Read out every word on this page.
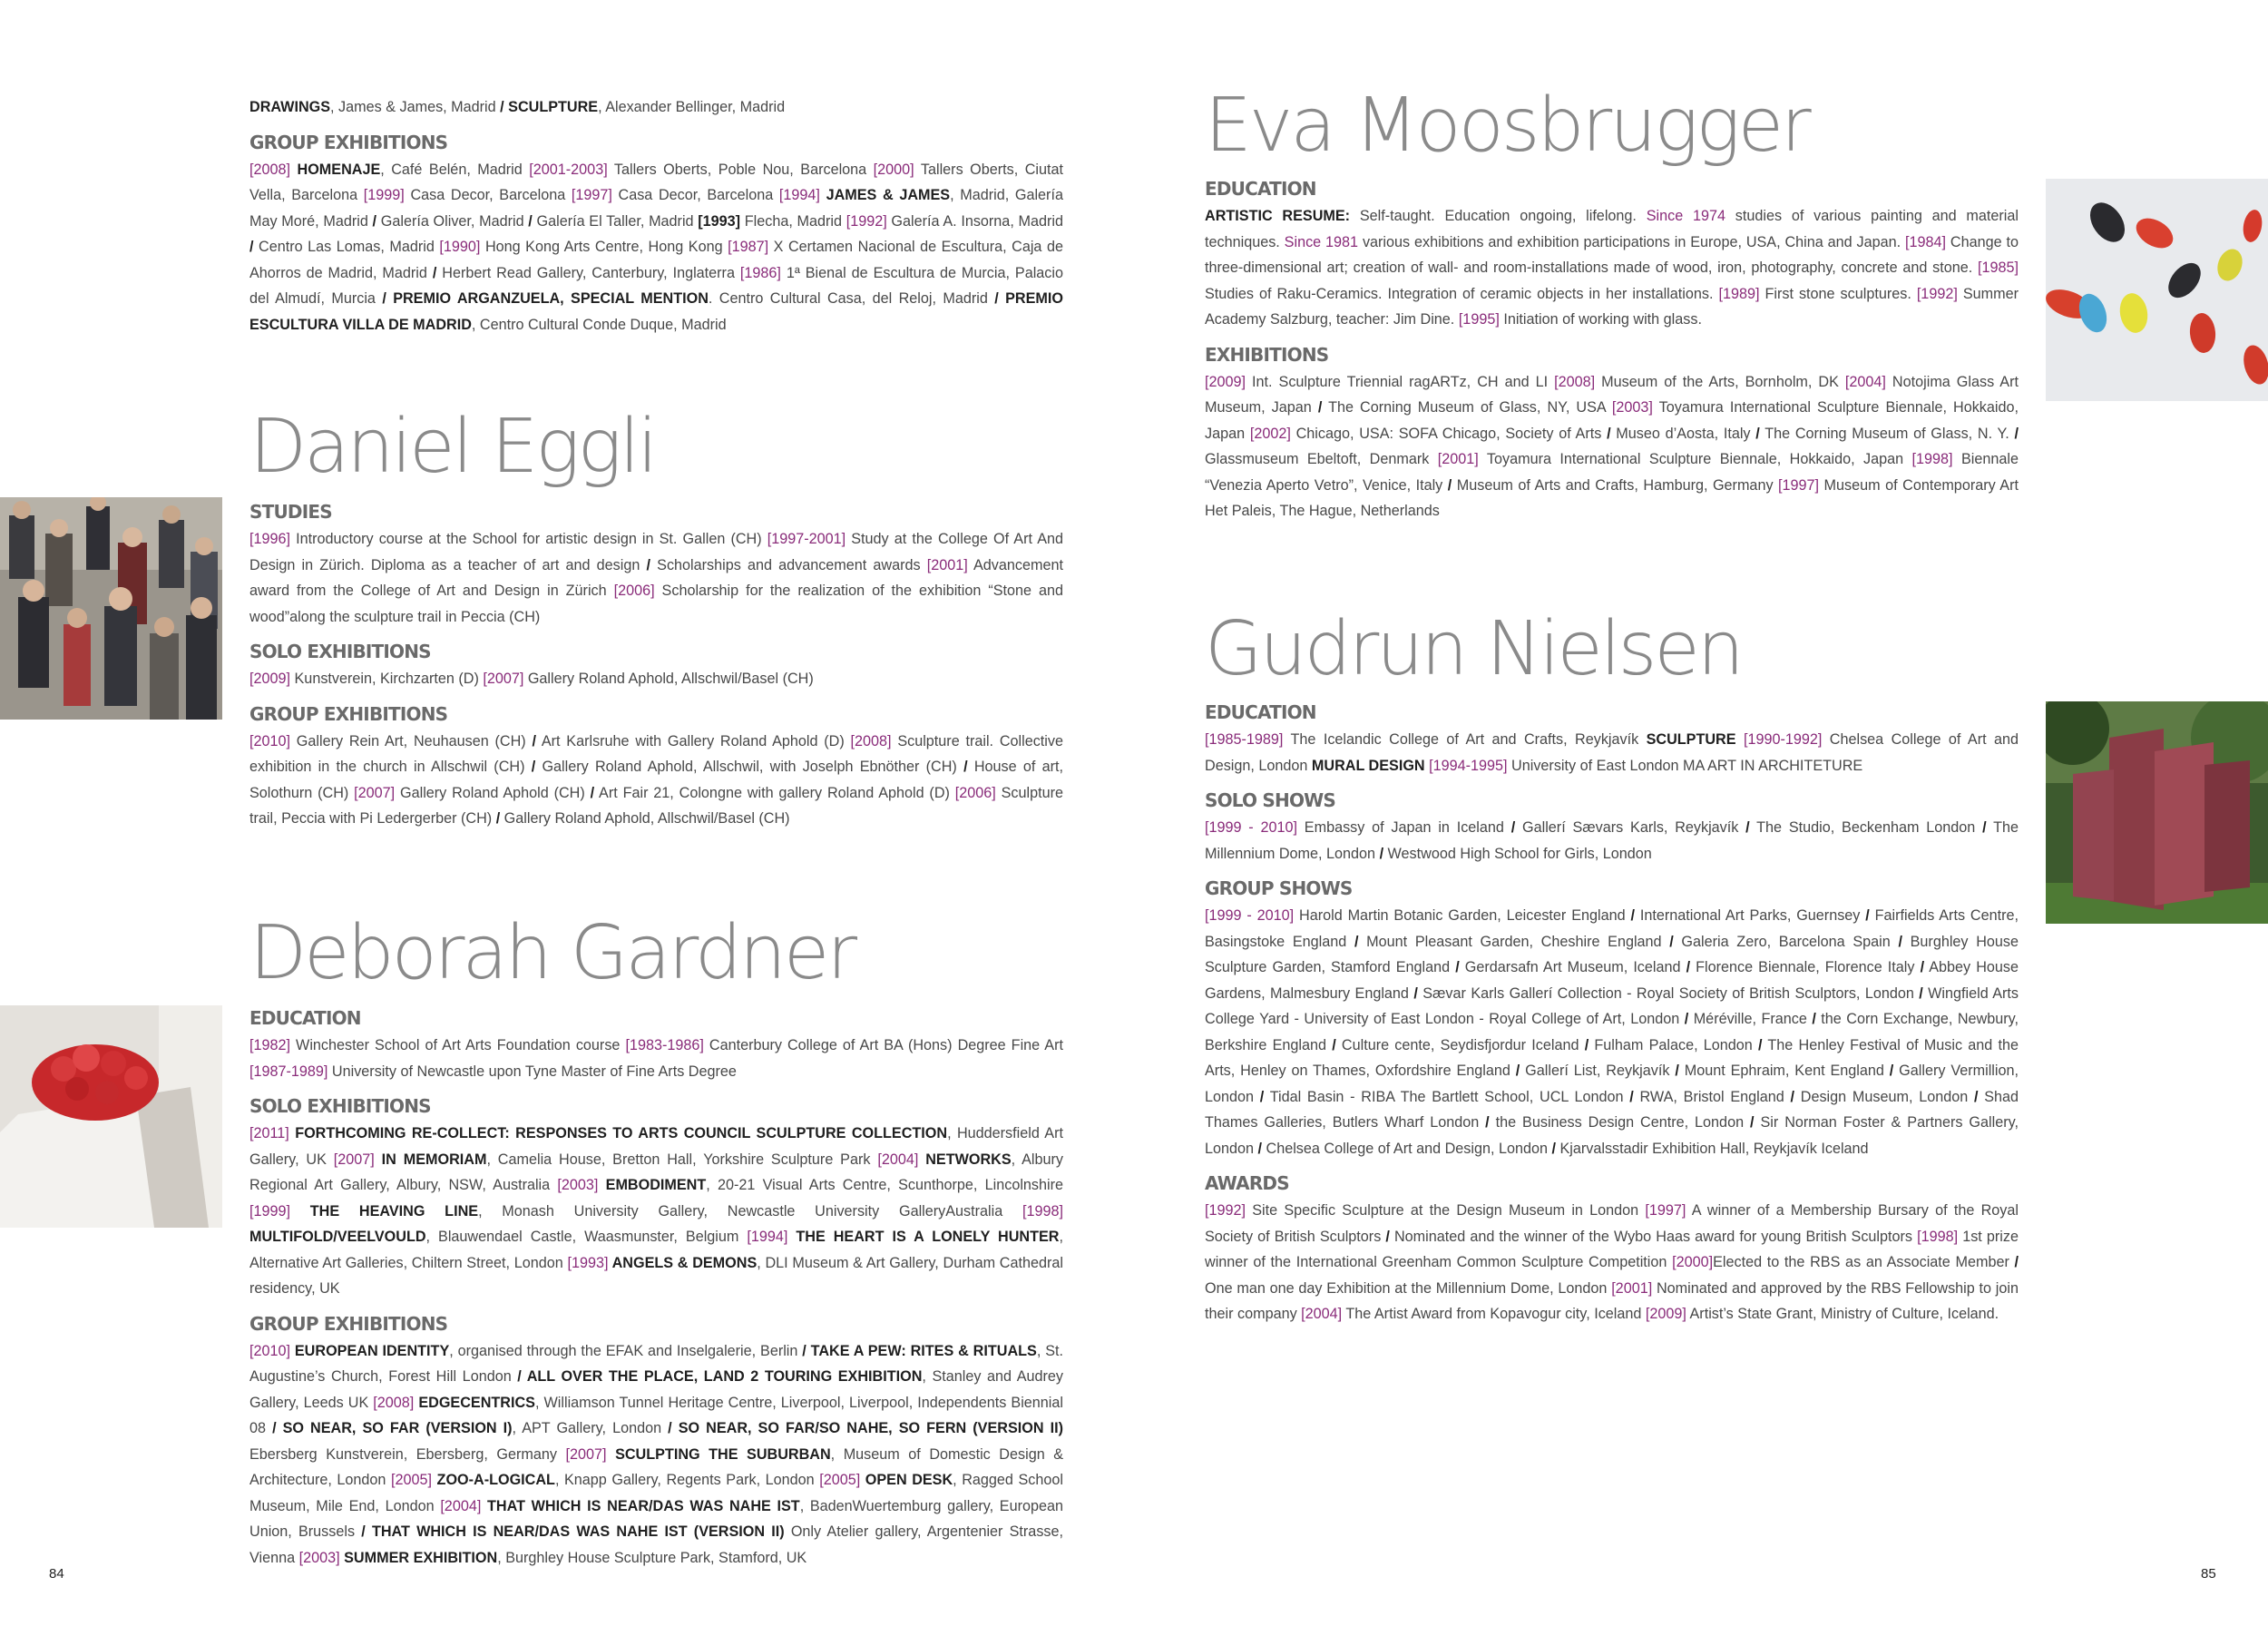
DRAWINGS, James & James, Madrid / SCULPTURE, Alexander Bellinger, Madrid

GROUP EXHIBITIONS

[2008] HOMENAJE, Café Belén, Madrid [2001-2003] Tallers Oberts, Poble Nou, Barcelona [2000] Tallers Oberts, Ciutat Vella, Barcelona [1999] Casa Decor, Barcelona [1997] Casa Decor, Barcelona [1994] JAMES & JAMES, Madrid, Galería May Moré, Madrid / Galería Oliver, Madrid / Galería El Taller, Madrid [1993] Flecha, Madrid [1992] Galería A. Insorna, Madrid / Centro Las Lomas, Madrid [1990] Hong Kong Arts Centre, Hong Kong [1987] X Certamen Nacional de Escultura, Caja de Ahorros de Madrid, Madrid / Herbert Read Gallery, Canterbury, Inglaterra [1986] 1ª Bienal de Escultura de Murcia, Palacio del Almudí, Murcia / PREMIO ARGANZUELA, SPECIAL MENTION. Centro Cultural Casa, del Reloj, Madrid / PREMIO ESCULTURA VILLA DE MADRID, Centro Cultural Conde Duque, Madrid

Daniel Eggli
STUDIES

[1996] Introductory course at the School for artistic design in St. Gallen (CH) [1997-2001] Study at the College Of Art And Design in Zürich. Diploma as a teacher of art and design / Scholarships and advancement awards [2001] Advancement award from the College of Art and Design in Zürich [2006] Scholarship for the realization of the exhibition “Stone and wood”along the sculpture trail in Peccia (CH)

SOLO EXHIBITIONS

[2009] Kunstverein, Kirchzarten (D) [2007] Gallery Roland Aphold, Allschwil/Basel (CH)

GROUP EXHIBITIONS

[2010] Gallery Rein Art, Neuhausen (CH) / Art Karlsruhe with Gallery Roland Aphold (D) [2008] Sculpture trail. Collective exhibition in the church in Allschwil (CH) / Gallery Roland Aphold, Allschwil, with Joselph Ebnöther (CH) / House of art, Solothurn (CH) [2007] Gallery Roland Aphold (CH) / Art Fair 21, Colongne with gallery Roland Aphold (D) [2006] Sculpture trail, Peccia with Pi Ledergerber (CH) / Gallery Roland Aphold, Allschwil/Basel (CH)

Deborah Gardner
EDUCATION

[1982] Winchester School of Art Arts Foundation course [1983-1986] Canterbury College of Art BA (Hons) Degree Fine Art [1987-1989] University of Newcastle upon Tyne Master of Fine Arts Degree

SOLO EXHIBITIONS

[2011] FORTHCOMING RE-COLLECT: RESPONSES TO ARTS COUNCIL SCULPTURE COLLECTION, Huddersfield Art Gallery, UK [2007] IN MEMORIAM, Camelia House, Bretton Hall, Yorkshire Sculpture Park [2004] NETWORKS, Albury Regional Art Gallery, Albury, NSW, Australia [2003] EMBODIMENT, 20-21 Visual Arts Centre, Scunthorpe, Lincolnshire [1999] THE HEAVING LINE, Monash University Gallery, Newcastle University GalleryAustralia [1998] MULTIFOLD/VEELVOULD, Blauwendael Castle, Waasmunster, Belgium [1994] THE HEART IS A LONELY HUNTER, Alternative Art Galleries, Chiltern Street, London [1993] ANGELS & DEMONS, DLI Museum & Art Gallery, Durham Cathedral residency, UK

GROUP EXHIBITIONS

[2010] EUROPEAN IDENTITY, organised through the EFAK and Inselgalerie, Berlin / TAKE A PEW: RITES & RITUALS, St. Augustine’s Church, Forest Hill London / ALL OVER THE PLACE, LAND 2 TOURING EXHIBITION, Stanley and Audrey Gallery, Leeds UK [2008] EDGECENTRICS, Williamson Tunnel Heritage Centre, Liverpool, Liverpool, Independents Biennial 08 / SO NEAR, SO FAR (VERSION I), APT Gallery, London / SO NEAR, SO FAR/SO NAHE, SO FERN (VERSION II) Ebersberg Kunstverein, Ebersberg, Germany [2007] SCULPTING THE SUBURBAN, Museum of Domestic Design & Architecture, London [2005] ZOO-A-LOGICAL, Knapp Gallery, Regents Park, London [2005] OPEN DESK, Ragged School Museum, Mile End, London [2004] THAT WHICH IS NEAR/DAS WAS NAHE IST, BadenWuertemburg gallery, European Union, Brussels / THAT WHICH IS NEAR/DAS WAS NAHE IST (VERSION II) Only Atelier gallery, Argentenier Strasse, Vienna [2003] SUMMER EXHIBITION, Burghley House Sculpture Park, Stamford, UK

84
Eva Moosbrugger
EDUCATION

ARTISTIC RESUME: Self-taught. Education ongoing, lifelong. Since 1974 studies of various painting and material techniques. Since 1981 various exhibitions and exhibition participations in Europe, USA, China and Japan. [1984] Change to three-dimensional art; creation of wall- and room-installations made of wood, iron, photography, concrete and stone. [1985] Studies of Raku-Ceramics. Integration of ceramic objects in her installations. [1989] First stone sculptures. [1992] Summer Academy Salzburg, teacher: Jim Dine. [1995] Initiation of working with glass.

EXHIBITIONS

[2009] Int. Sculpture Triennial ragARTz, CH and LI [2008] Museum of the Arts, Bornholm, DK [2004] Notojima Glass Art Museum, Japan / The Corning Museum of Glass, NY, USA [2003] Toyamura International Sculpture Biennale, Hokkaido, Japan [2002] Chicago, USA: SOFA Chicago, Society of Arts / Museo d’Aosta, Italy / The Corning Museum of Glass, N. Y. / Glassmuseum Ebeltoft, Denmark [2001] Toyamura International Sculpture Biennale, Hokkaido, Japan [1998] Biennale “Venezia Aperto Vetro”, Venice, Italy / Museum of Arts and Crafts, Hamburg, Germany [1997] Museum of Contemporary Art Het Paleis, The Hague, Netherlands

Gudrun Nielsen
EDUCATION

[1985-1989] The Icelandic College of Art and Crafts, Reykjavík SCULPTURE [1990-1992] Chelsea College of Art and Design, London MURAL DESIGN [1994-1995] University of East London MA ART IN ARCHITETURE

SOLO SHOWS

[1999 - 2010] Embassy of Japan in Iceland / Gallerí Sævars Karls, Reykjavík / The Studio, Beckenham London / The Millennium Dome, London / Westwood High School for Girls, London

GROUP SHOWS

[1999 - 2010] Harold Martin Botanic Garden, Leicester England / International Art Parks, Guernsey / Fairfields Arts Centre, Basingstoke England / Mount Pleasant Garden, Cheshire England / Galeria Zero, Barcelona Spain / Burghley House Sculpture Garden, Stamford England / Gerdarsafn Art Museum, Iceland / Florence Biennale, Florence Italy / Abbey House Gardens, Malmesbury England / Sævar Karls Gallerí Collection - Royal Society of British Sculptors, London / Wingfield Arts College Yard - University of East London - Royal College of Art, London / Méréville, France / the Corn Exchange, Newbury, Berkshire England / Culture cente, Seydisfjordur Iceland / Fulham Palace, London / The Henley Festival of Music and the Arts, Henley on Thames, Oxfordshire England / Gallerí List, Reykjavík / Mount Ephraim, Kent England / Gallery Vermillion, London / Tidal Basin - RIBA The Bartlett School, UCL London / RWA, Bristol England / Design Museum, London / Shad Thames Galleries, Butlers Wharf London / the Business Design Centre, London / Sir Norman Foster & Partners Gallery, London / Chelsea College of Art and Design, London / Kjarvalsstadir Exhibition Hall, Reykjavík Iceland

AWARDS

[1992] Site Specific Sculpture at the Design Museum in London [1997] A winner of a Membership Bursary of the Royal Society of British Sculptors / Nominated and the winner of the Wybo Haas award for young British Sculptors [1998] 1st prize winner of the International Greenham Common Sculpture Competition [2000]Elected to the RBS as an Associate Member / One man one day Exhibition at the Millennium Dome, London [2001] Nominated and approved by the RBS Fellowship to join their company [2004] The Artist Award from Kopavogur city, Iceland [2009] Artist’s State Grant, Ministry of Culture, Iceland.

85
